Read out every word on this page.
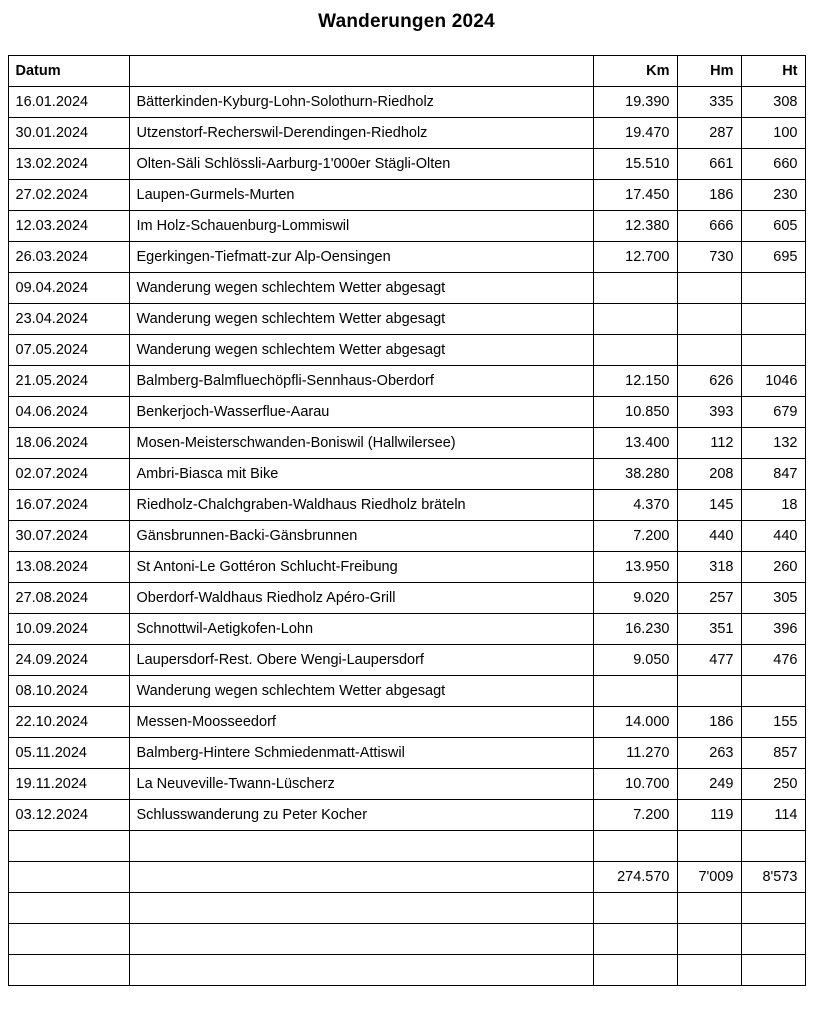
Wanderungen 2024
Datum		Km	Hm	Ht
16.01.2024	Bätterkinden-Kyburg-Lohn-Solothurn-Riedholz	19.390	335	308
30.01.2024	Utzenstorf-Recherswil-Derendingen-Riedholz	19.470	287	100
13.02.2024	Olten-Säli Schlössli-Aarburg-1'000er Stägli-Olten	15.510	661	660
27.02.2024	Laupen-Gurmels-Murten	17.450	186	230
12.03.2024	Im Holz-Schauenburg-Lommiswil	12.380	666	605
26.03.2024	Egerkingen-Tiefmatt-zur Alp-Oensingen	12.700	730	695
09.04.2024	Wanderung wegen schlechtem Wetter abgesagt			
23.04.2024	Wanderung wegen schlechtem Wetter abgesagt			
07.05.2024	Wanderung wegen schlechtem Wetter abgesagt			
21.05.2024	Balmberg-Balmfluechöpfli-Sennhaus-Oberdorf	12.150	626	1046
04.06.2024	Benkerjoch-Wasserflue-Aarau	10.850	393	679
18.06.2024	Mosen-Meisterschwanden-Boniswil (Hallwilersee)	13.400	112	132
02.07.2024	Ambri-Biasca mit Bike	38.280	208	847
16.07.2024	Riedholz-Chalchgraben-Waldhaus Riedholz bräteln	4.370	145	18
30.07.2024	Gänsbrunnen-Backi-Gänsbrunnen	7.200	440	440
13.08.2024	St Antoni-Le Gottéron Schlucht-Freibung	13.950	318	260
27.08.2024	Oberdorf-Waldhaus Riedholz Apéro-Grill	9.020	257	305
10.09.2024	Schnottwil-Aetigkofen-Lohn	16.230	351	396
24.09.2024	Laupersdorf-Rest. Obere Wengi-Laupersdorf	9.050	477	476
08.10.2024	Wanderung wegen schlechtem Wetter abgesagt			
22.10.2024	Messen-Moosseedorf	14.000	186	155
05.11.2024	Balmberg-Hintere Schmiedenmatt-Attiswil	11.270	263	857
19.11.2024	La Neuveville-Twann-Lüscherz	10.700	249	250
03.12.2024	Schlusswanderung zu Peter Kocher	7.200	119	114

		274.570	7'009	8'573
